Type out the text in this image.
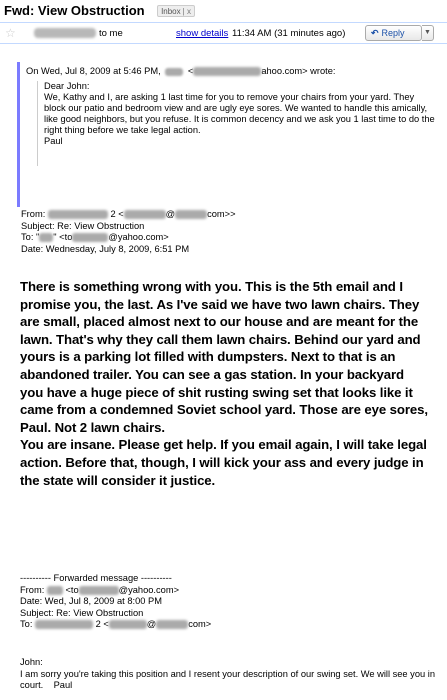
Fwd: View Obstruction Inbox | x
☆	to me	show details 11:34 AM (31 minutes ago)	↶ Reply	▼
On Wed, Jul 8, 2009 at 5:46 PM,	<	ahoo.com> wrote:

Dear John:

We, Kathy and I, are asking 1 last time for you to remove your chairs from your yard. They block our patio and bedroom view and are ugly eye sores. We wanted to handle this amically, like good neighbors, but you refuse. It is common decency and we ask you 1 last time to do the right thing before we take legal action.

Paul

From:	2 <	@	com>>
Subject: Re: View Obstruction
To: " " <to	@yahoo.com>
Date: Wednesday, July 8, 2009, 6:51 PM

There is something wrong with you. This is the 5th email and I promise you, the last. As I've said we have two lawn chairs. They are small, placed almost next to our house and are meant for the lawn. That's why they call them lawn chairs. Behind our yard and yours is a parking lot filled with dumpsters. Next to that is an abandoned trailer. You can see a gas station. In your backyard you have a huge piece of shit rusting swing set that looks like it came from a condemned Soviet school yard. Those are eye sores, Paul. Not 2 lawn chairs.

You are insane. Please get help. If you email again, I will take legal action. Before that, though, I will kick your ass and every judge in the state will consider it justice.

---------- Forwarded message ----------
From: <to	@yahoo.com>
Date: Wed, Jul 8, 2009 at 8:00 PM
Subject: Re: View Obstruction
To:	2 <	@	com>
John:
I am sorry you're taking this position and I resent your description of our swing set. We will see you in court. Paul
